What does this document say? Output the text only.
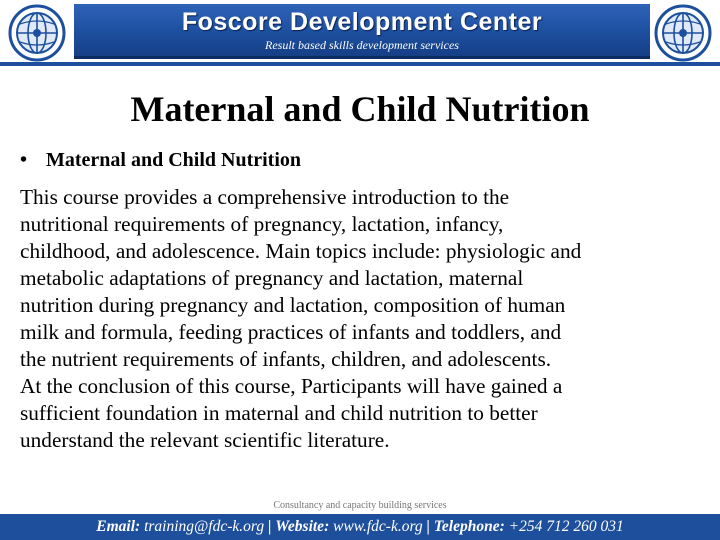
Foscore Development Center
Result based skills development services
Maternal and Child Nutrition
• Maternal and Child Nutrition
This course provides a comprehensive introduction to the
nutritional requirements of pregnancy, lactation, infancy,
childhood, and adolescence. Main topics include: physiologic and
metabolic adaptations of pregnancy and lactation, maternal
nutrition during pregnancy and lactation, composition of human
milk and formula, feeding practices of infants and toddlers, and
the nutrient requirements of infants, children, and adolescents.
At the conclusion of this course, Participants will have gained a
sufficient foundation in maternal and child nutrition to better
understand the relevant scientific literature.
Consultancy and capacity building services
Email: training@fdc-k.org | Website: www.fdc-k.org | Telephone: +254 712 260 031
